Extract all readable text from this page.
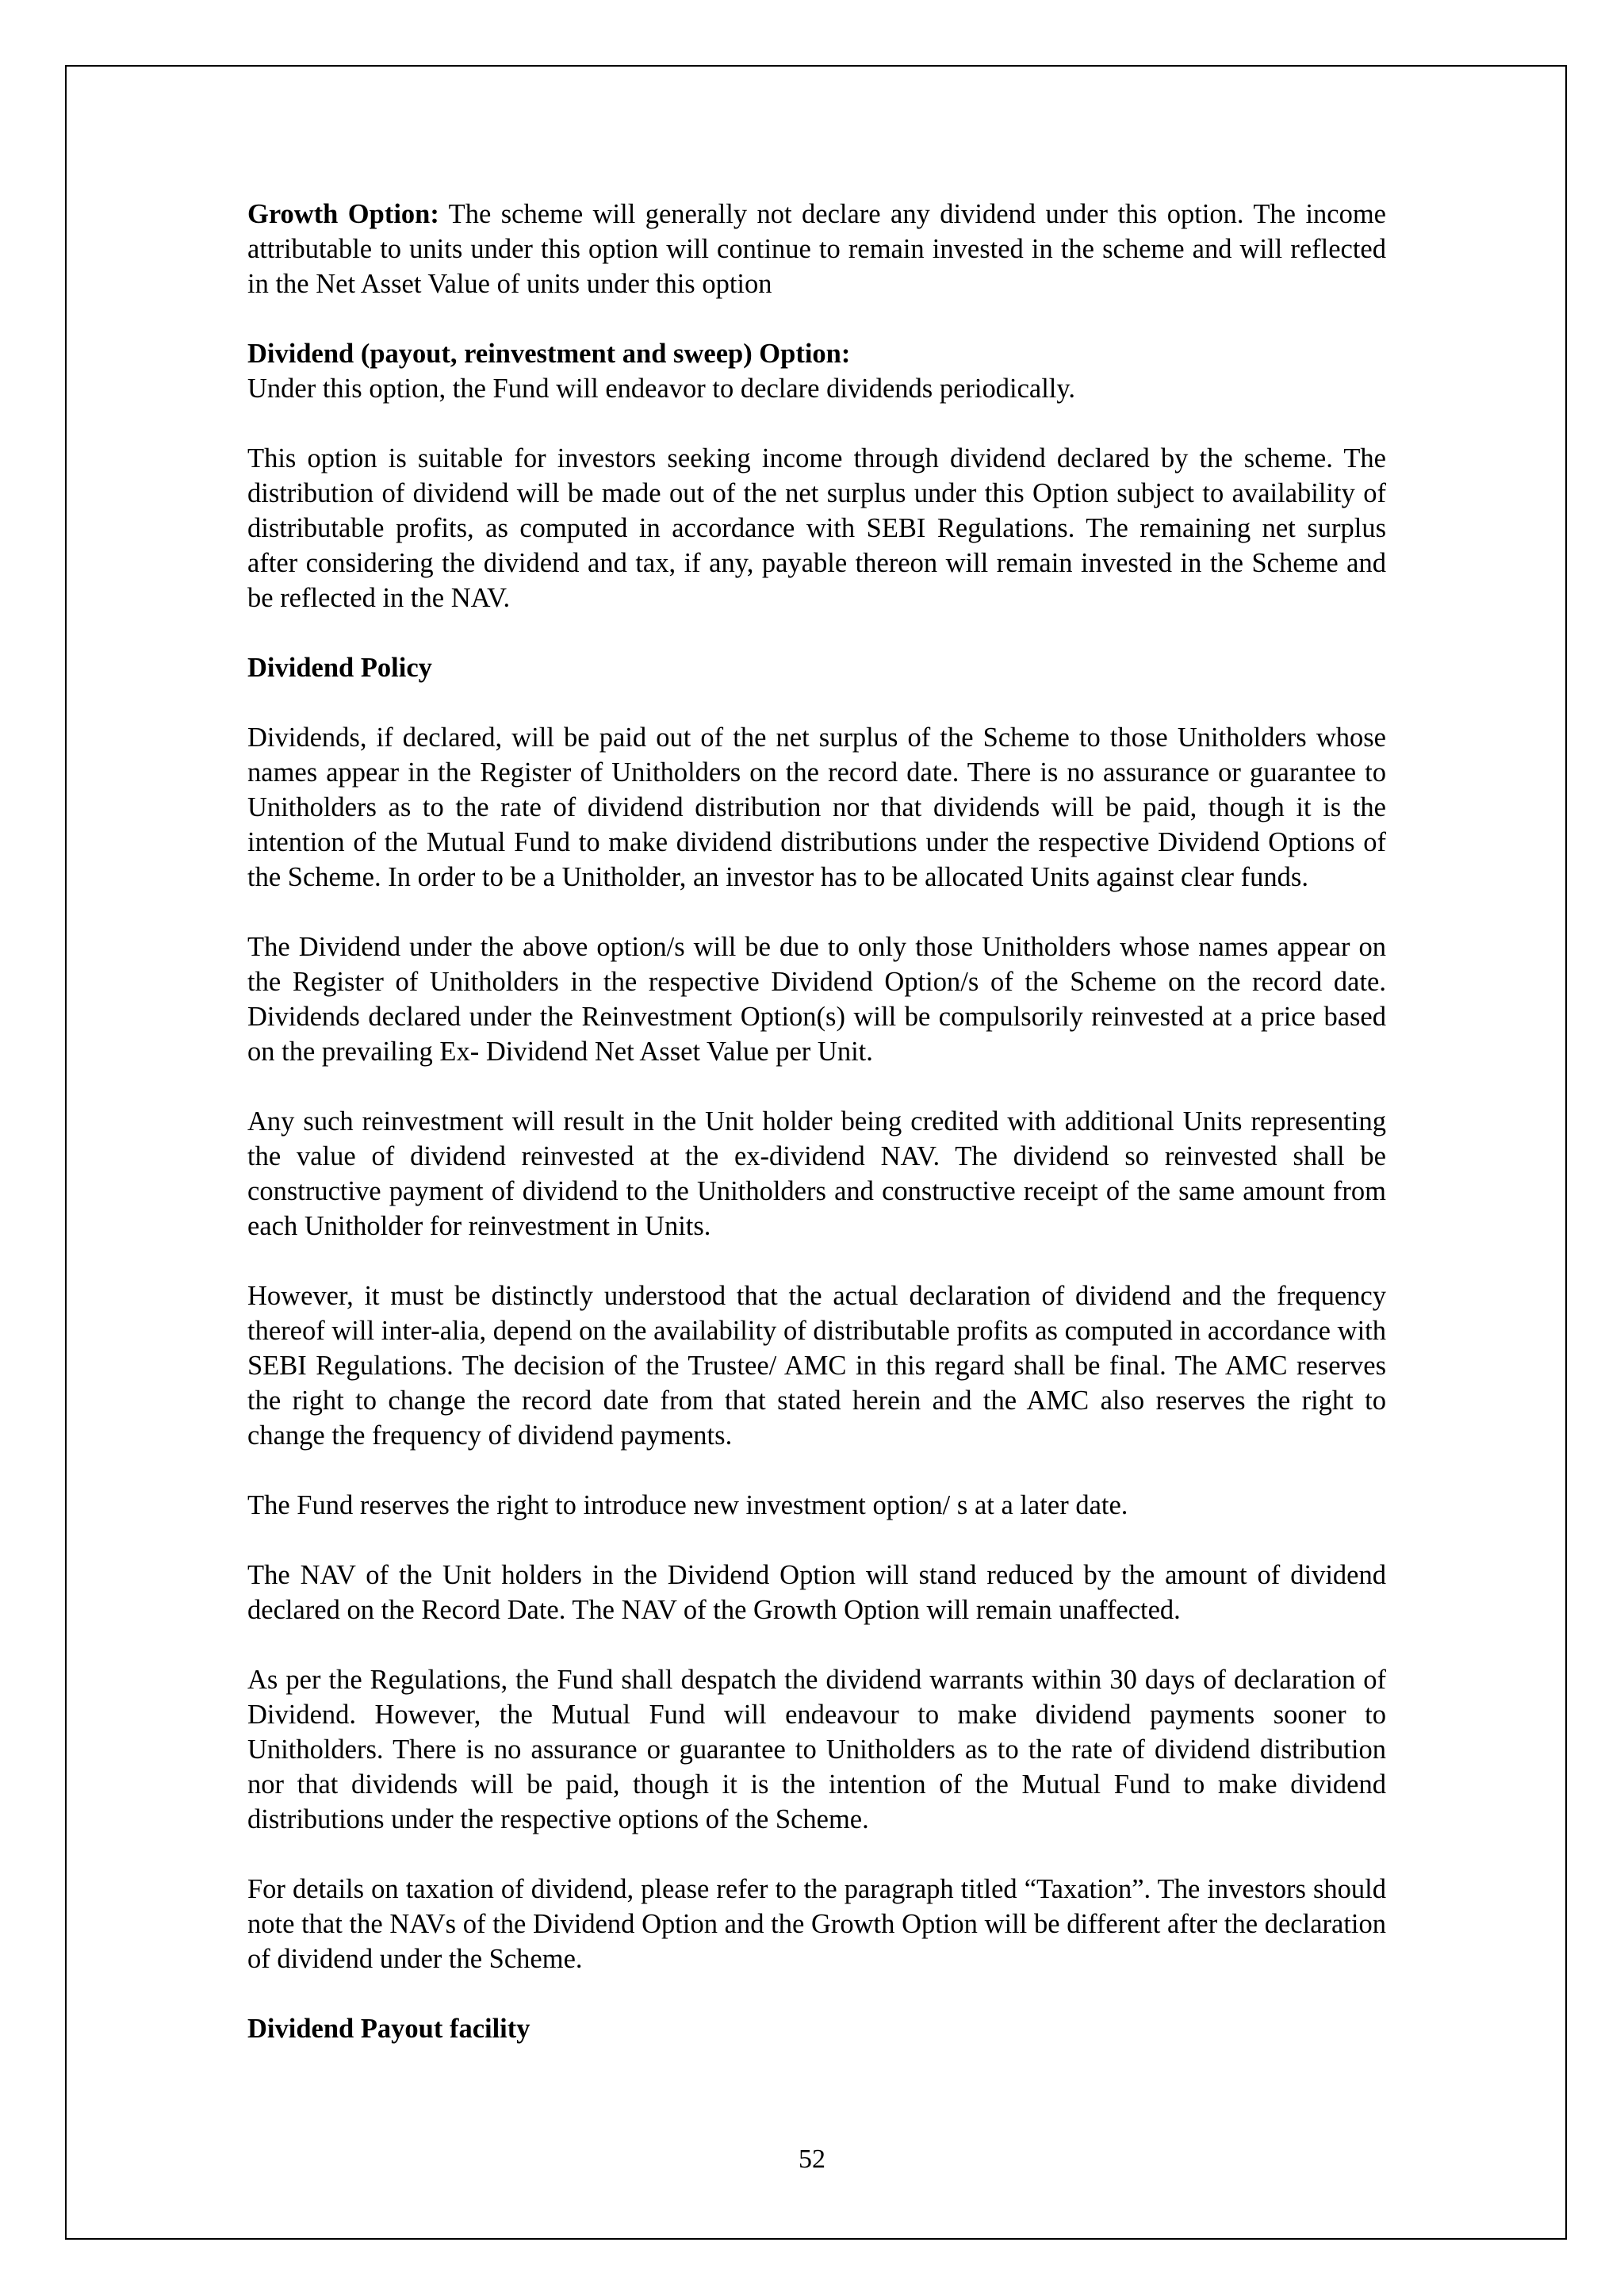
Growth Option: The scheme will generally not declare any dividend under this option. The income attributable to units under this option will continue to remain invested in the scheme and will reflected in the Net Asset Value of units under this option

Dividend (payout, reinvestment and sweep) Option:

Under this option, the Fund will endeavor to declare dividends periodically.

This option is suitable for investors seeking income through dividend declared by the scheme. The distribution of dividend will be made out of the net surplus under this Option subject to availability of distributable profits, as computed in accordance with SEBI Regulations. The remaining net surplus after considering the dividend and tax, if any, payable thereon will remain invested in the Scheme and be reflected in the NAV.

Dividend Policy

Dividends, if declared, will be paid out of the net surplus of the Scheme to those Unitholders whose names appear in the Register of Unitholders on the record date. There is no assurance or guarantee to Unitholders as to the rate of dividend distribution nor that dividends will be paid, though it is the intention of the Mutual Fund to make dividend distributions under the respective Dividend Options of the Scheme. In order to be a Unitholder, an investor has to be allocated Units against clear funds.

The Dividend under the above option/s will be due to only those Unitholders whose names appear on the Register of Unitholders in the respective Dividend Option/s of the Scheme on the record date. Dividends declared under the Reinvestment Option(s) will be compulsorily reinvested at a price based on the prevailing Ex- Dividend Net Asset Value per Unit.

Any such reinvestment will result in the Unit holder being credited with additional Units representing the value of dividend reinvested at the ex-dividend NAV. The dividend so reinvested shall be constructive payment of dividend to the Unitholders and constructive receipt of the same amount from each Unitholder for reinvestment in Units.

However, it must be distinctly understood that the actual declaration of dividend and the frequency thereof will inter-alia, depend on the availability of distributable profits as computed in accordance with SEBI Regulations. The decision of the Trustee/ AMC in this regard shall be final. The AMC reserves the right to change the record date from that stated herein and the AMC also reserves the right to change the frequency of dividend payments.

The Fund reserves the right to introduce new investment option/ s at a later date.

The NAV of the Unit holders in the Dividend Option will stand reduced by the amount of dividend declared on the Record Date. The NAV of the Growth Option will remain unaffected.

As per the Regulations, the Fund shall despatch the dividend warrants within 30 days of declaration of Dividend. However, the Mutual Fund will endeavour to make dividend payments sooner to Unitholders. There is no assurance or guarantee to Unitholders as to the rate of dividend distribution nor that dividends will be paid, though it is the intention of the Mutual Fund to make dividend distributions under the respective options of the Scheme.

For details on taxation of dividend, please refer to the paragraph titled “Taxation”. The investors should note that the NAVs of the Dividend Option and the Growth Option will be different after the declaration of dividend under the Scheme.

Dividend Payout facility

52
